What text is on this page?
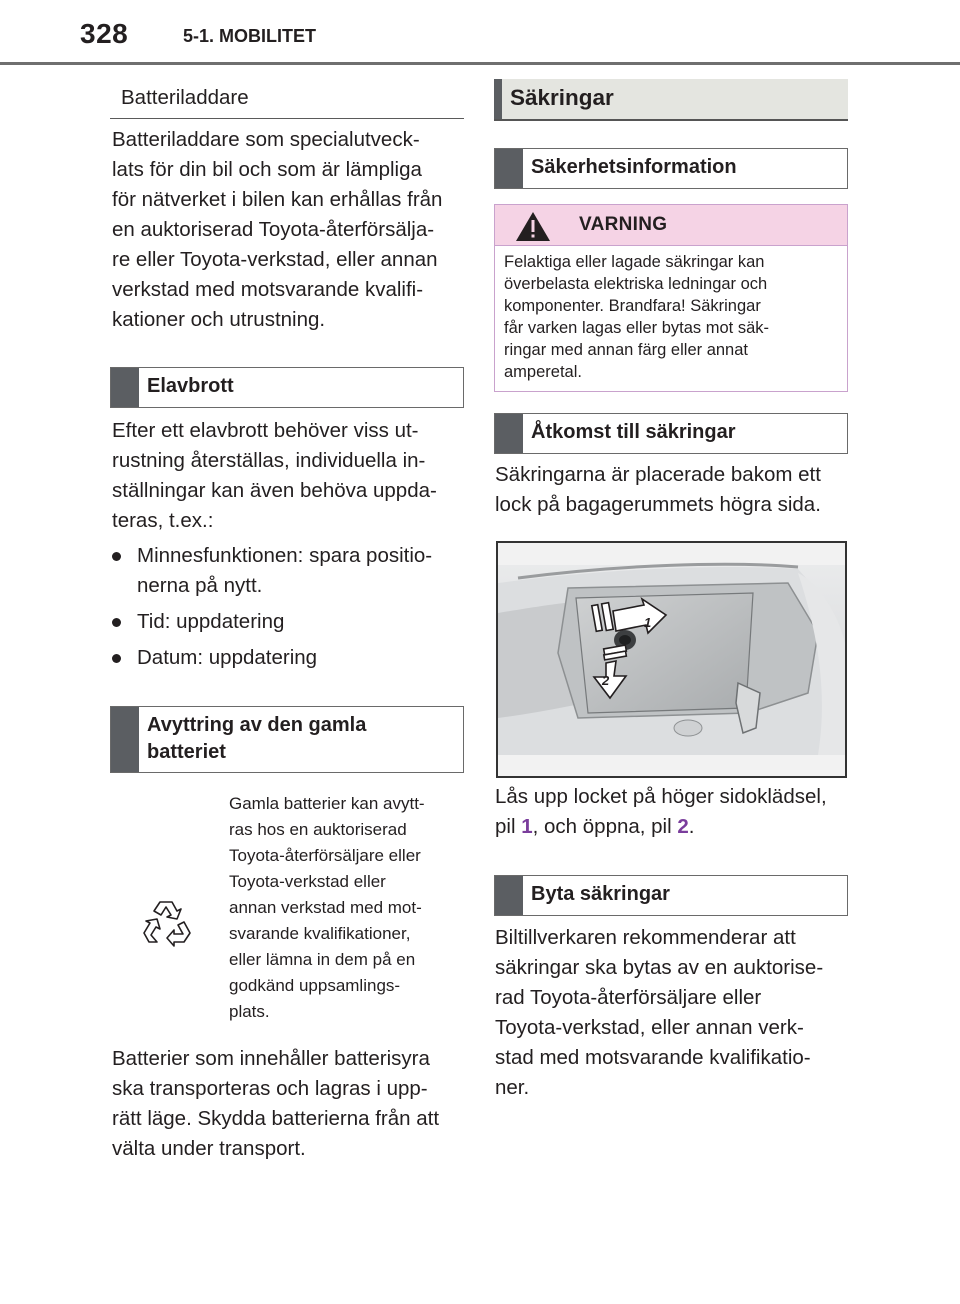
328	5-1. MOBILITET
Batteriladdare
Batteriladdare som specialutveck-
lats för din bil och som är lämpliga
för nätverket i bilen kan erhållas från
en auktoriserad Toyota-återförsälja-
re eller Toyota-verkstad, eller annan
verkstad med motsvarande kvalifi-
kationer och utrustning.
Elavbrott
Efter ett elavbrott behöver viss ut-
rustning återställas, individuella in-
ställningar kan även behöva uppda-
teras, t.ex.:
Minnesfunktionen: spara positio-
nerna på nytt.
Tid: uppdatering
Datum: uppdatering
Avyttring av den gamla
batteriet
Gamla batterier kan avytt-
ras hos en auktoriserad
Toyota-återförsäljare eller
Toyota-verkstad eller
annan verkstad med mot-
svarande kvalifikationer,
eller lämna in dem på en
godkänd uppsamlings-
plats.
Batterier som innehåller batterisyra
ska transporteras och lagras i upp-
rätt läge. Skydda batterierna från att
välta under transport.
Säkringar
Säkerhetsinformation
VARNING
Felaktiga eller lagade säkringar kan
överbelasta elektriska ledningar och
komponenter. Brandfara! Säkringar
får varken lagas eller bytas mot säk-
ringar med annan färg eller annat
amperetal.
Åtkomst till säkringar
Säkringarna är placerade bakom ett
lock på bagagerummets högra sida.
1
2
Lås upp locket på höger sidoklädsel,
pil 1, och öppna, pil 2.
Byta säkringar
Biltillverkaren rekommenderar att
säkringar ska bytas av en auktorise-
rad Toyota-återförsäljare eller
Toyota-verkstad, eller annan verk-
stad med motsvarande kvalifikatio-
ner.
